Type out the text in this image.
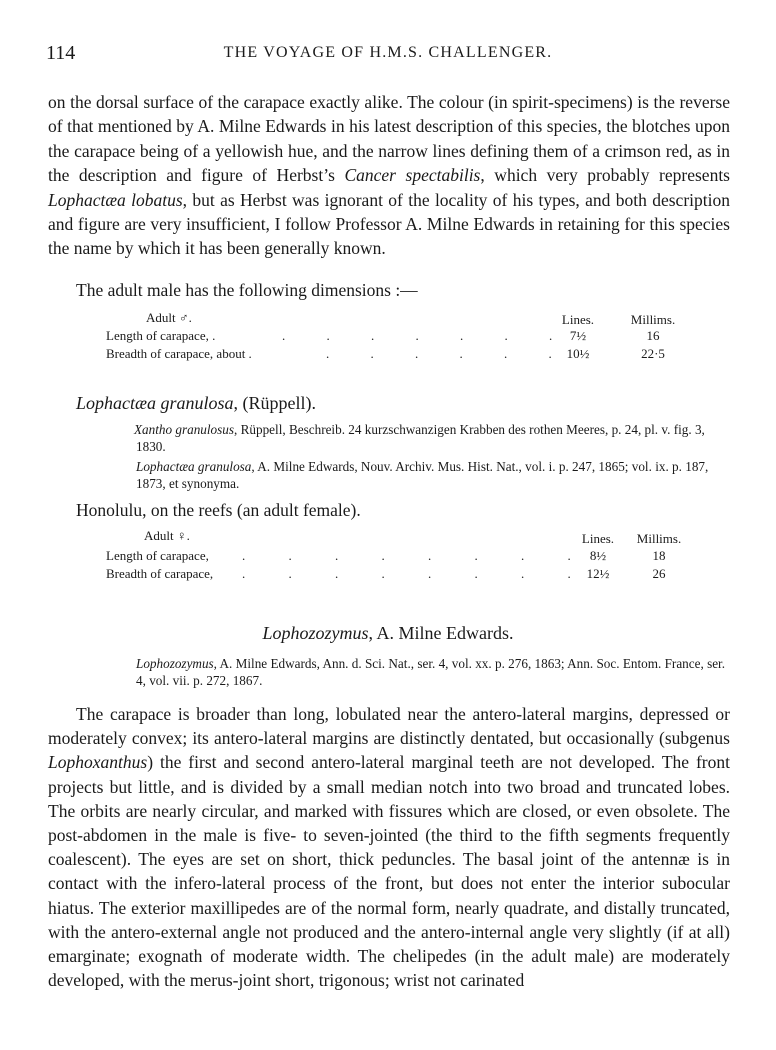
114	THE VOYAGE OF H.M.S. CHALLENGER.

on the dorsal surface of the carapace exactly alike. The colour (in spirit-specimens) is the reverse of that mentioned by A. Milne Edwards in his latest description of this species, the blotches upon the carapace being of a yellowish hue, and the narrow lines defining them of a crimson red, as in the description and figure of Herbst’s Cancer spectabilis, which very probably represents Lophactæa lobatus, but as Herbst was ignorant of the locality of his types, and both description and figure are very insufficient, I follow Professor A. Milne Edwards in retaining for this species the name by which it has been generally known.

The adult male has the following dimensions :—

Adult ♂.	Lines.	Millims.
Length of carapace, .	. . . . . . .	7½	16
Breadth of carapace, about .	. . . . . .	10½	22·5
Lophactæa granulosa, (Rüppell).

Xantho granulosus, Rüppell, Beschreib. 24 kurzschwanzigen Krabben des rothen Meeres, p. 24, pl. v. fig. 3, 1830.

Lophactæa granulosa, A. Milne Edwards, Nouv. Archiv. Mus. Hist. Nat., vol. i. p. 247, 1865; vol. ix. p. 187, 1873, et synonyma.

Honolulu, on the reefs (an adult female).

Adult ♀.	Lines.	Millims.
Length of carapace,	. . . . . . . .	8½	18
Breadth of carapace, . . . . . . . .	12½	26
Lophozozymus, A. Milne Edwards.

Lophozozymus, A. Milne Edwards, Ann. d. Sci. Nat., ser. 4, vol. xx. p. 276, 1863; Ann. Soc. Entom. France, ser. 4, vol. vii. p. 272, 1867.

The carapace is broader than long, lobulated near the antero-lateral margins, depressed or moderately convex; its antero-lateral margins are distinctly dentated, but occasionally (subgenus Lophoxanthus) the first and second antero-lateral marginal teeth are not developed. The front projects but little, and is divided by a small median notch into two broad and truncated lobes. The orbits are nearly circular, and marked with fissures which are closed, or even obsolete. The post-abdomen in the male is five- to seven-jointed (the third to the fifth segments frequently coalescent). The eyes are set on short, thick peduncles. The basal joint of the antennæ is in contact with the infero-lateral process of the front, but does not enter the interior subocular hiatus. The exterior maxillipedes are of the normal form, nearly quadrate, and distally truncated, with the antero-external angle not produced and the antero-internal angle very slightly (if at all) emarginate; exognath of moderate width. The chelipedes (in the adult male) are moderately developed, with the merus-joint short, trigonous; wrist not carinated
